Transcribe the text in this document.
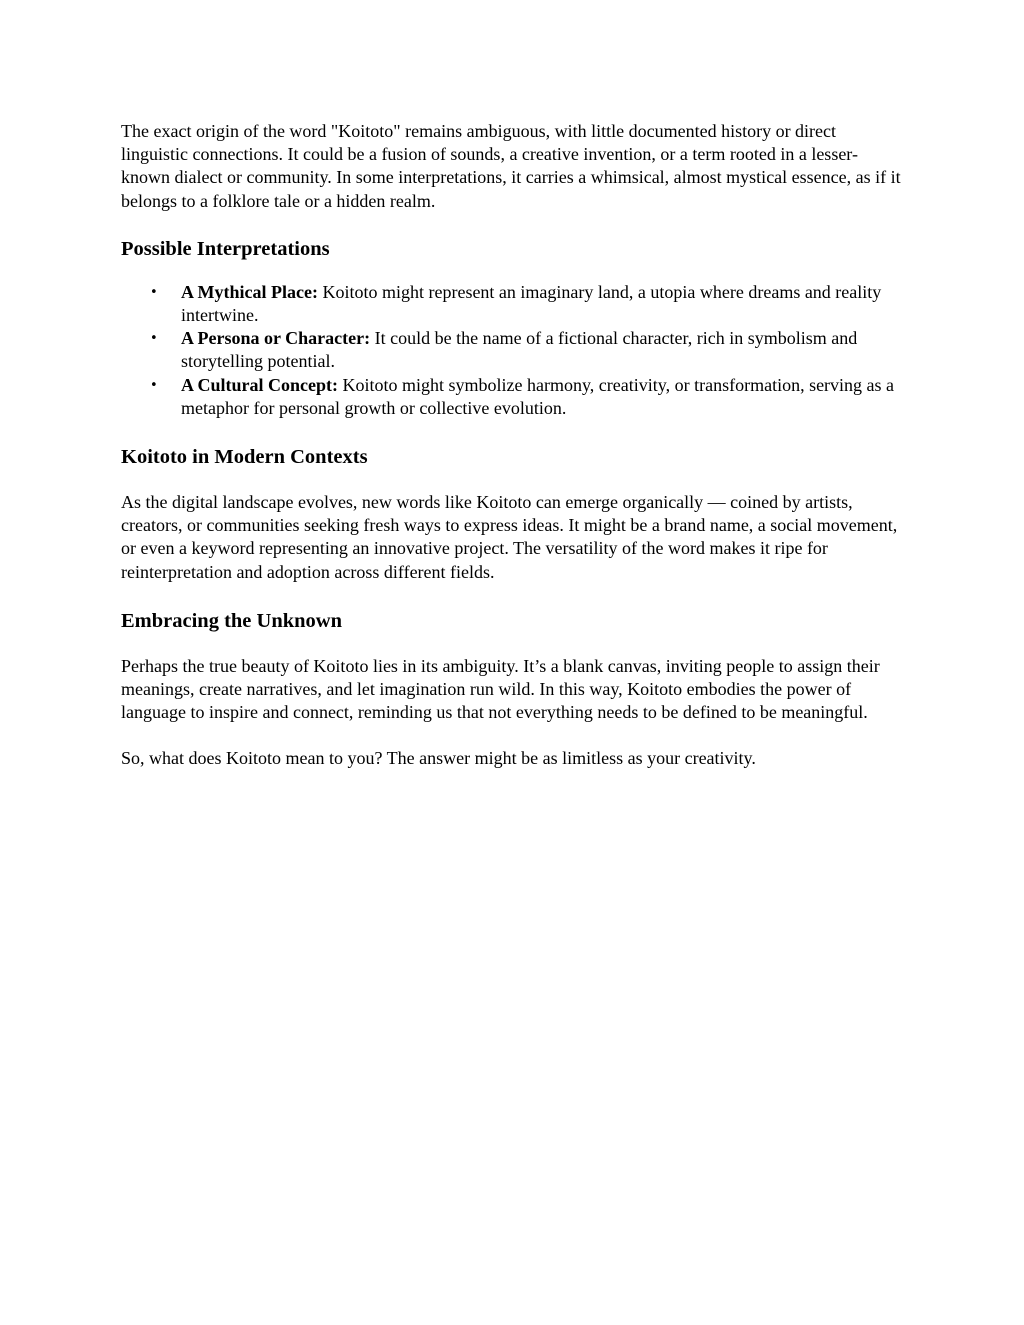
The exact origin of the word "Koitoto" remains ambiguous, with little documented history or direct linguistic connections. It could be a fusion of sounds, a creative invention, or a term rooted in a lesser-known dialect or community. In some interpretations, it carries a whimsical, almost mystical essence, as if it belongs to a folklore tale or a hidden realm.

Possible Interpretations
• A Mythical Place: Koitoto might represent an imaginary land, a utopia where dreams and reality intertwine.
• A Persona or Character: It could be the name of a fictional character, rich in symbolism and storytelling potential.
• A Cultural Concept: Koitoto might symbolize harmony, creativity, or transformation, serving as a metaphor for personal growth or collective evolution.
Koitoto in Modern Contexts

As the digital landscape evolves, new words like Koitoto can emerge organically — coined by artists, creators, or communities seeking fresh ways to express ideas. It might be a brand name, a social movement, or even a keyword representing an innovative project. The versatility of the word makes it ripe for reinterpretation and adoption across different fields.

Embracing the Unknown

Perhaps the true beauty of Koitoto lies in its ambiguity. It’s a blank canvas, inviting people to assign their meanings, create narratives, and let imagination run wild. In this way, Koitoto embodies the power of language to inspire and connect, reminding us that not everything needs to be defined to be meaningful.

So, what does Koitoto mean to you? The answer might be as limitless as your creativity.
